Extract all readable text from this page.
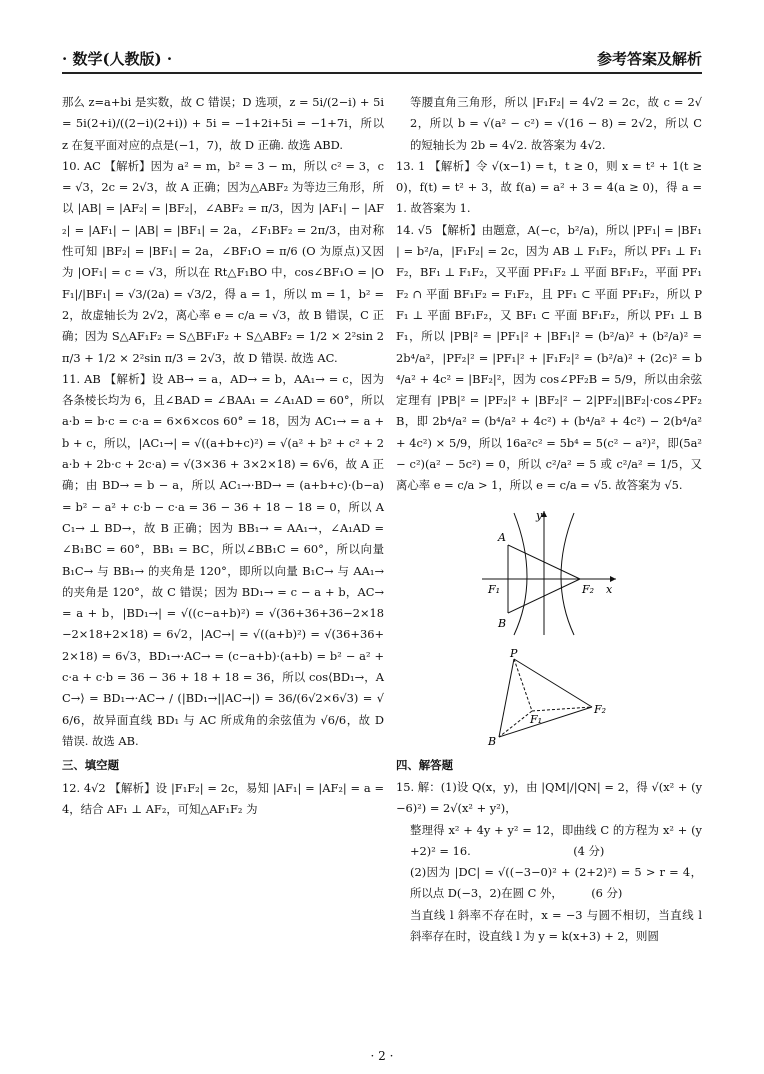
· 数学(人教版) ·	参考答案及解析

那么 z=a+bi 是实数，故 C 错误；D 选项，z = 5i/(2−i) + 5i = 5i(2+i)/((2−i)(2+i)) + 5i = −1+2i+5i = −1+7i，所以 z 在复平面对应的点是(−1，7)，故 D 正确. 故选 ABD.

10. AC 【解析】因为 a² = m，b² = 3 − m，所以 c² = 3，c = √3，2c = 2√3，故 A 正确；因为△ABF₂ 为等边三角形，所以 |AB| = |AF₂| = |BF₂|，∠ABF₂ = π/3，因为 |AF₁| − |AF₂| = |AF₁| − |AB| = |BF₁| = 2a，∠F₁BF₂ = 2π/3，由对称性可知 |BF₂| = |BF₁| = 2a，∠BF₁O = π/6 (O 为原点)又因为 |OF₁| = c = √3，所以在 Rt△F₁BO 中，cos∠BF₁O = |OF₁|/|BF₁| = √3/(2a) = √3/2，得 a = 1，所以 m = 1，b² = 2，故虚轴长为 2√2，离心率 e = c/a = √3，故 B 错误，C 正确；因为 S△AF₁F₂ = S△BF₁F₂ + S△ABF₂ = 1/2 × 2²sin 2π/3 + 1/2 × 2²sin π/3 = 2√3，故 D 错误. 故选 AC.

11. AB 【解析】设 AB→ = a，AD→ = b，AA₁→ = c，因为各条棱长均为 6，且∠BAD = ∠BAA₁ = ∠A₁AD = 60°，所以 a·b = b·c = c·a = 6×6×cos 60° = 18，因为 AC₁→ = a + b + c，所以，|AC₁→| = √((a+b+c)²) = √(a² + b² + c² + 2a·b + 2b·c + 2c·a) = √(3×36 + 3×2×18) = 6√6，故 A 正确；由 BD→ = b − a，所以 AC₁→·BD→ = (a+b+c)·(b−a) = b² − a² + c·b − c·a = 36 − 36 + 18 − 18 = 0，所以 AC₁→ ⊥ BD→，故 B 正确；因为 BB₁→ = AA₁→，∠A₁AD = ∠B₁BC = 60°，BB₁ = BC，所以∠BB₁C = 60°，所以向量 B₁C→ 与 BB₁→ 的夹角是 120°，即所以向量 B₁C→ 与 AA₁→ 的夹角是 120°，故 C 错误；因为 BD₁→ = c − a + b，AC→ = a + b，|BD₁→| = √((c−a+b)²) = √(36+36+36−2×18−2×18+2×18) = 6√2，|AC→| = √((a+b)²) = √(36+36+2×18) = 6√3，BD₁→·AC→ = (c−a+b)·(a+b) = b² − a² + c·a + c·b = 36 − 36 + 18 + 18 = 36，所以 cos⟨BD₁→，AC→⟩ = BD₁→·AC→ / (|BD₁→||AC→|) = 36/(6√2×6√3) = √6/6，故异面直线 BD₁ 与 AC 所成角的余弦值为 √6/6，故 D 错误. 故选 AB.

三、填空题

12. 4√2 【解析】设 |F₁F₂| = 2c，易知 |AF₁| = |AF₂| = a = 4，结合 AF₁ ⊥ AF₂，可知△AF₁F₂ 为

等腰直角三角形，所以 |F₁F₂| = 4√2 = 2c，故 c = 2√2，所以 b = √(a² − c²) = √(16 − 8) = 2√2，所以 C 的短轴长为 2b = 4√2. 故答案为 4√2.

13. 1 【解析】令 √(x−1) = t，t ≥ 0，则 x = t² + 1(t ≥ 0)，f(t) = t² + 3，故 f(a) = a² + 3 = 4(a ≥ 0)，得 a = 1. 故答案为 1.

14. √5 【解析】由题意，A(−c，b²/a)，所以 |PF₁| = |BF₁| = b²/a，|F₁F₂| = 2c，因为 AB ⊥ F₁F₂，所以 PF₁ ⊥ F₁F₂，BF₁ ⊥ F₁F₂，又平面 PF₁F₂ ⊥ 平面 BF₁F₂，平面 PF₁F₂ ∩ 平面 BF₁F₂ = F₁F₂，且 PF₁ ⊂ 平面 PF₁F₂，所以 PF₁ ⊥ 平面 BF₁F₂，又 BF₁ ⊂ 平面 BF₁F₂，所以 PF₁ ⊥ BF₁，所以 |PB|² = |PF₁|² + |BF₁|² = (b²/a)² + (b²/a)² = 2b⁴/a²，|PF₂|² = |PF₁|² + |F₁F₂|² = (b²/a)² + (2c)² = b⁴/a² + 4c² = |BF₂|²，因为 cos∠PF₂B = 5/9，所以由余弦定理有 |PB|² = |PF₂|² + |BF₂|² − 2|PF₂||BF₂|·cos∠PF₂B，即 2b⁴/a² = (b⁴/a² + 4c²) + (b⁴/a² + 4c²) − 2(b⁴/a² + 4c²) × 5/9，所以 16a²c² = 5b⁴ = 5(c² − a²)²，即(5a² − c²)(a² − 5c²) = 0，所以 c²/a² = 5 或 c²/a² = 1/5，又离心率 e = c/a > 1，所以 e = c/a = √5. 故答案为 √5.

y
x
A
B
F₁	F₂
P
F₁
F₂
B

四、解答题

15. 解：(1)设 Q(x，y)，由 |QM|/|QN| = 2，得 √(x² + (y−6)²) = 2√(x² + y²)，

整理得 x² + 4y + y² = 12，即曲线 C 的方程为 x² + (y+2)² = 16.　　　　　　　　　(4 分)

(2)因为 |DC| = √((−3−0)² + (2+2)²) = 5 > r = 4，所以点 D(−3，2)在圆 C 外，　　　(6 分)

当直线 l 斜率不存在时，x = −3 与圆不相切，当直线 l 斜率存在时，设直线 l 为 y = k(x+3) + 2，则圆

· 2 ·
